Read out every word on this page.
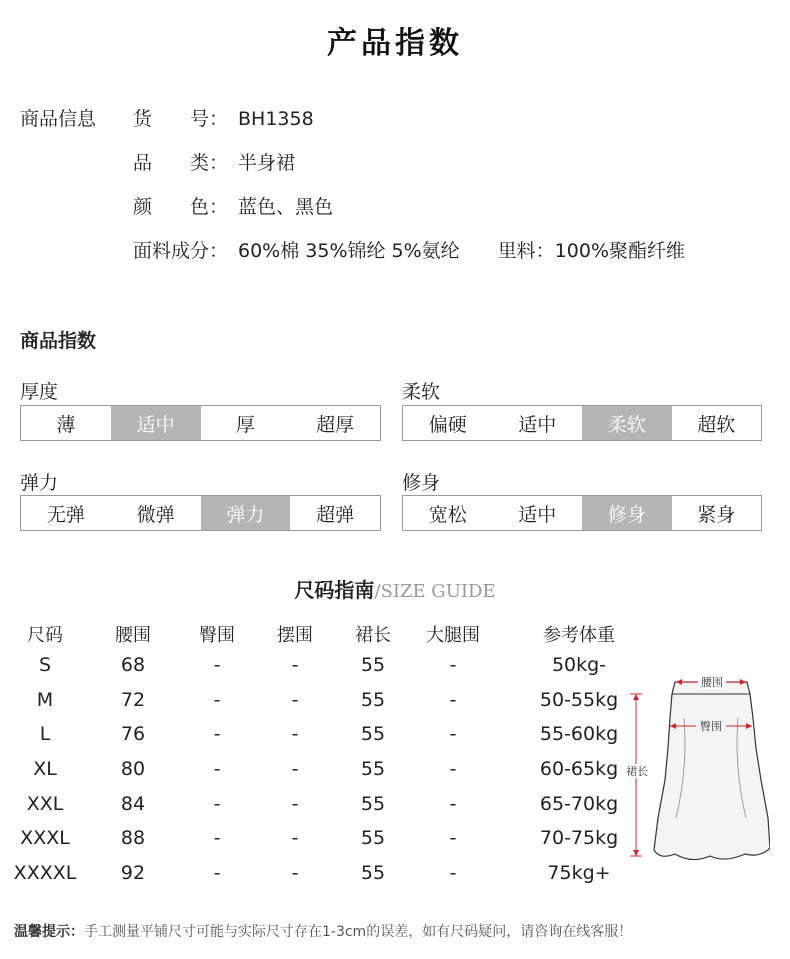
产品指数
商品信息 货　　号： BH1358
品　　类： 半身裙
颜　　色： 蓝色、黑色
面料成分： 60%棉 35%锦纶 5%氨纶　　里料：100%聚酯纤维
商品指数
厚度
薄	适中	厚	超厚
柔软
偏硬	适中	柔软	超软
弹力
无弹	微弹	弹力	超弹
修身
宽松	适中	修身	紧身
尺码指南/SIZE GUIDE
尺码	腰围	臀围	摆围	裙长	大腿围	参考体重
S	68	-	-	55	-	50kg-
M	72	-	-	55	-	50-55kg
L	76	-	-	55	-	55-60kg
XL	80	-	-	55	-	60-65kg
XXL	84	-	-	55	-	65-70kg
XXXL	88	-	-	55	-	70-75kg
XXXXL	92	-	-	55	-	75kg+
腰围
臀围
裙长
温馨提示：手工测量平铺尺寸可能与实际尺寸存在1-3cm的误差，如有尺码疑问，请咨询在线客服！
